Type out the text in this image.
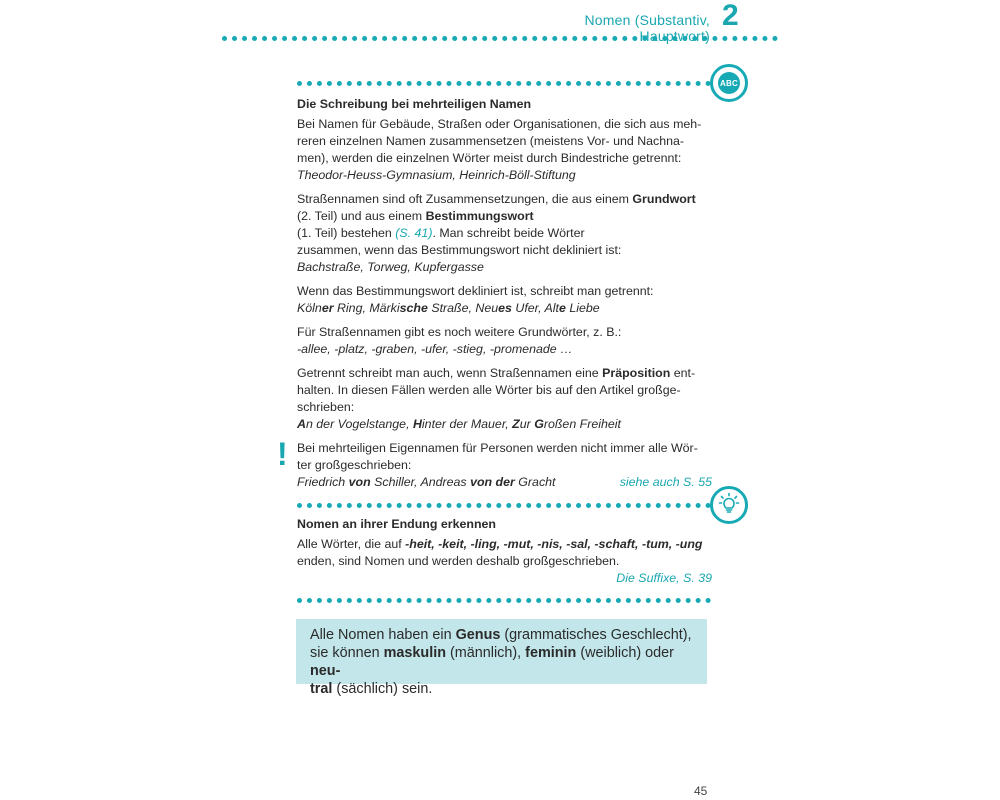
Nomen (Substantiv, Hauptwort)
2
ABC
Die Schreibung bei mehrteiligen Namen

Bei Namen für Gebäude, Straßen oder Organisationen, die sich aus meh-
reren einzelnen Namen zusammensetzen (meistens Vor- und Nachna-
men), werden die einzelnen Wörter meist durch Bindestriche getrennt:
Theodor-Heuss-Gymnasium, Heinrich-Böll-Stiftung

Straßennamen sind oft Zusammensetzungen, die aus einem Grundwort
(2. Teil) und aus einem Bestimmungswort
(1. Teil) bestehen (S. 41). Man schreibt beide Wörter
zusammen, wenn das Bestimmungswort nicht dekliniert ist:
Bachstraße, Torweg, Kupfergasse

Wenn das Bestimmungswort dekliniert ist, schreibt man getrennt:
Kölner Ring, Märkische Straße, Neues Ufer, Alte Liebe

Für Straßennamen gibt es noch weitere Grundwörter, z. B.:
-allee, -platz, -graben, -ufer, -stieg, -promenade …

Getrennt schreibt man auch, wenn Straßennamen eine Präposition ent-
halten. In diesen Fällen werden alle Wörter bis auf den Artikel großge-
schrieben:
An der Vogelstange, Hinter der Mauer, Zur Großen Freiheit

Bei mehrteiligen Eigennamen für Personen werden nicht immer alle Wör-
ter großgeschrieben:
Friedrich von Schiller, Andreas von der Gracht	siehe auch S. 55

!
Nomen an ihrer Endung erkennen

Alle Wörter, die auf -heit, -keit, -ling, -mut, -nis, -sal, -schaft, -tum, -ung
enden, sind Nomen und werden deshalb großgeschrieben.

Die Suffixe, S. 39
Alle Nomen haben ein Genus (grammatisches Geschlecht),
sie können maskulin (männlich), feminin (weiblich) oder neu-
tral (sächlich) sein.
45
